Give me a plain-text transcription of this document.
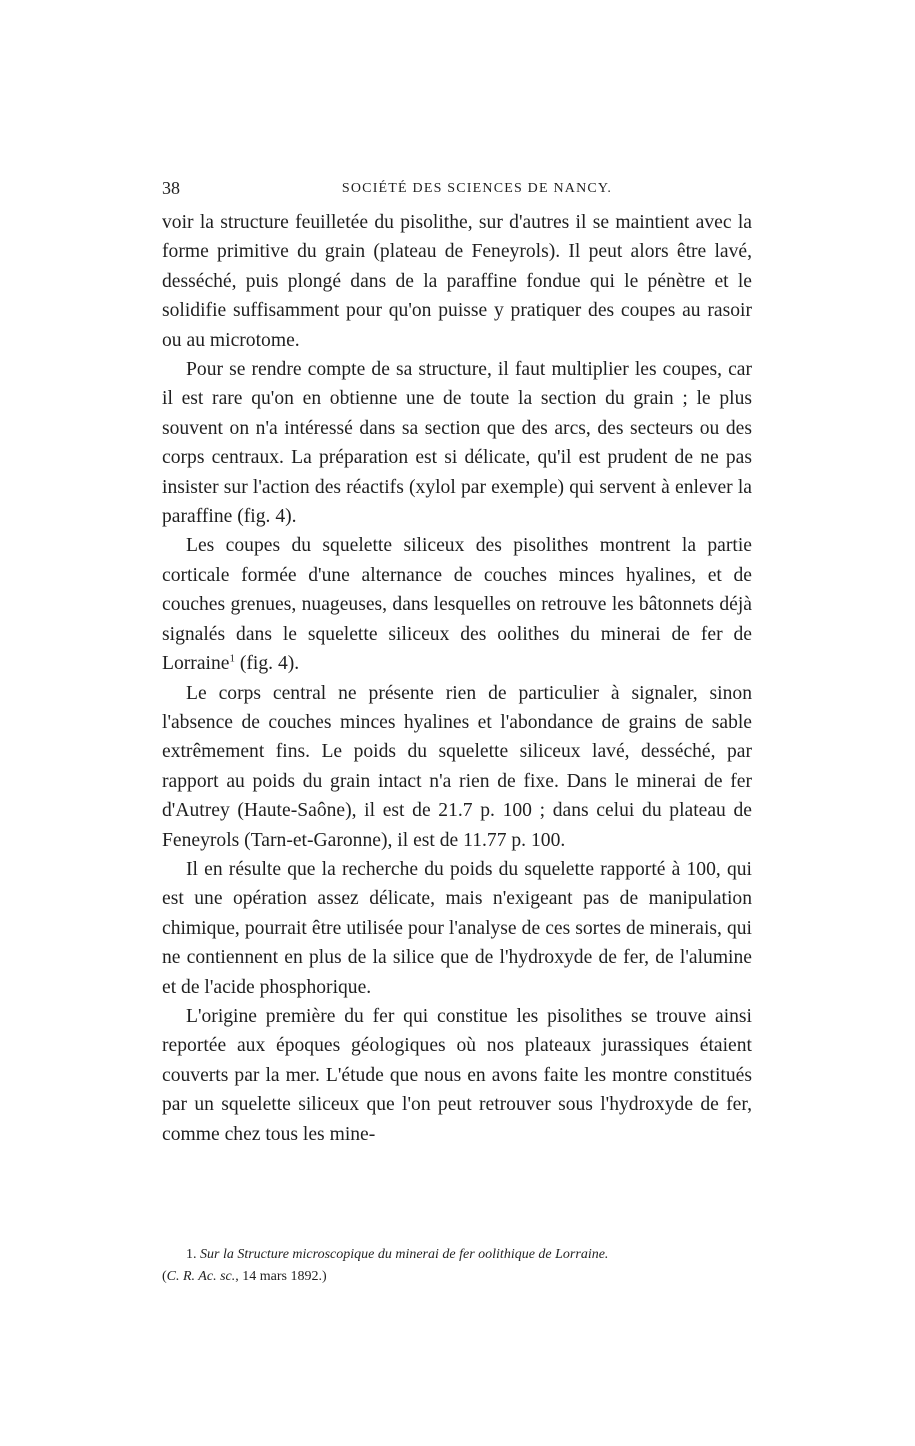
38	SOCIÉTÉ DES SCIENCES DE NANCY.

voir la structure feuilletée du pisolithe, sur d'autres il se maintient avec la forme primitive du grain (plateau de Feneyrols). Il peut alors être lavé, desséché, puis plongé dans de la paraffine fondue qui le pénètre et le solidifie suffisamment pour qu'on puisse y pratiquer des coupes au rasoir ou au microtome.

Pour se rendre compte de sa structure, il faut multiplier les coupes, car il est rare qu'on en obtienne une de toute la section du grain ; le plus souvent on n'a intéressé dans sa section que des arcs, des secteurs ou des corps centraux. La préparation est si délicate, qu'il est prudent de ne pas insister sur l'action des réactifs (xylol par exemple) qui servent à enlever la paraffine (fig. 4).

Les coupes du squelette siliceux des pisolithes montrent la partie corticale formée d'une alternance de couches minces hyalines, et de couches grenues, nuageuses, dans lesquelles on retrouve les bâtonnets déjà signalés dans le squelette siliceux des oolithes du minerai de fer de Lorraine$^1$ (fig. 4).

Le corps central ne présente rien de particulier à signaler, sinon l'absence de couches minces hyalines et l'abondance de grains de sable extrêmement fins. Le poids du squelette siliceux lavé, desséché, par rapport au poids du grain intact n'a rien de fixe. Dans le minerai de fer d'Autrey (Haute-Saône), il est de 21.7 p. 100 ; dans celui du plateau de Feneyrols (Tarn-et-Garonne), il est de 11.77 p. 100.

Il en résulte que la recherche du poids du squelette rapporté à 100, qui est une opération assez délicate, mais n'exigeant pas de manipulation chimique, pourrait être utilisée pour l'analyse de ces sortes de minerais, qui ne contiennent en plus de la silice que de l'hydroxyde de fer, de l'alumine et de l'acide phosphorique.

L'origine première du fer qui constitue les pisolithes se trouve ainsi reportée aux époques géologiques où nos plateaux jurassiques étaient couverts par la mer. L'étude que nous en avons faite les montre constitués par un squelette siliceux que l'on peut retrouver sous l'hydroxyde de fer, comme chez tous les mine-

1. Sur la Structure microscopique du minerai de fer oolithique de Lorraine.
(C. R. Ac. sc., 14 mars 1892.)
